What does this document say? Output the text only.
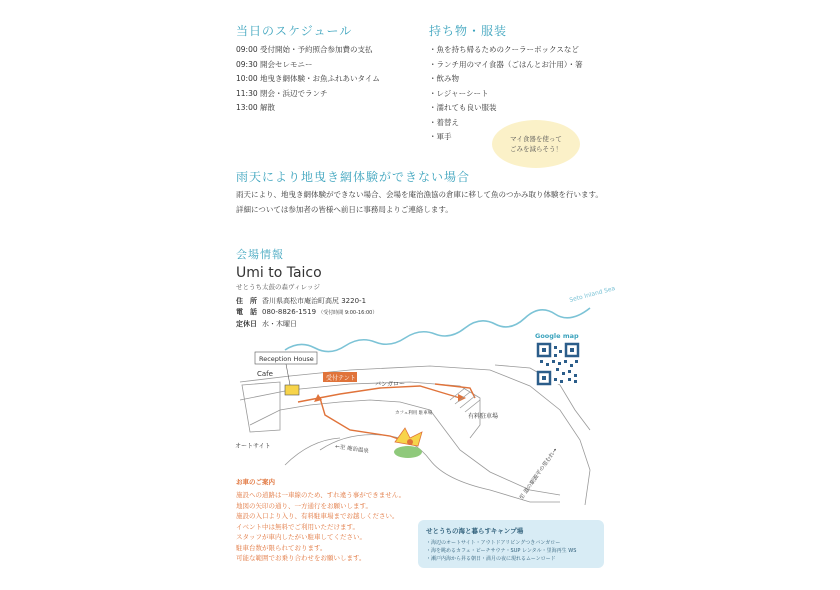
当日のスケジュール
09:00 受付開始・予約照合参加費の支払
09:30 開会セレモニー
10:00 地曳き網体験・お魚ふれあいタイム
11:30 閉会・浜辺でランチ
13:00 解散
持ち物・服装
・魚を持ち帰るためのクーラーボックスなど
・ランチ用のマイ食器（ごはんとお汁用）・箸
・飲み物
・レジャーシート
・濡れても良い服装
・着替え
・軍手	マイ食器を使って
ごみを減らそう！
雨天により地曳き網体験ができない場合
雨天により、地曳き網体験ができない場合、会場を庵治漁協の倉庫に移して魚のつかみ取り体験を行います。
詳細については参加者の皆様へ前日に事務局よりご連絡します。
会場情報
Umi to Taico
せとうち太鼓の森ヴィレッジ
住　所 香川県高松市庵治町高尻 3220-1
電　話 080-8826-1519 （受付時間 9:00-16:00）
定休日 水・木曜日
Seto Inland Sea
Reception House
Cafe
受付テント
バンガロー
カフェ利用 駐車場	有料駐車場
オートサイト	←至 庵治温泉	至 道の駅源平の里むれ→
Google map
お車のご案内
施設への道路は一車線のため、すれ違う事ができません。
地図の矢印の通り、一方通行をお願いします。
施設の入口より入り、有料駐車場までお越しください。
イベント中は無料でご利用いただけます。
スタッフが車内したがい駐車してください。
駐車台数が限られております。
可能な範囲でお乗り合わせをお願いします。
せとうちの海と暮らすキャンプ場
・海辺のオートサイト・アウトドアリビングつきバンガロー
・海を眺めるカフェ・ビーチサウナ・SUP レンタル・里海再生 WS
・瀬戸内海から昇る朝日・満月の夜に現れるムーンロード
